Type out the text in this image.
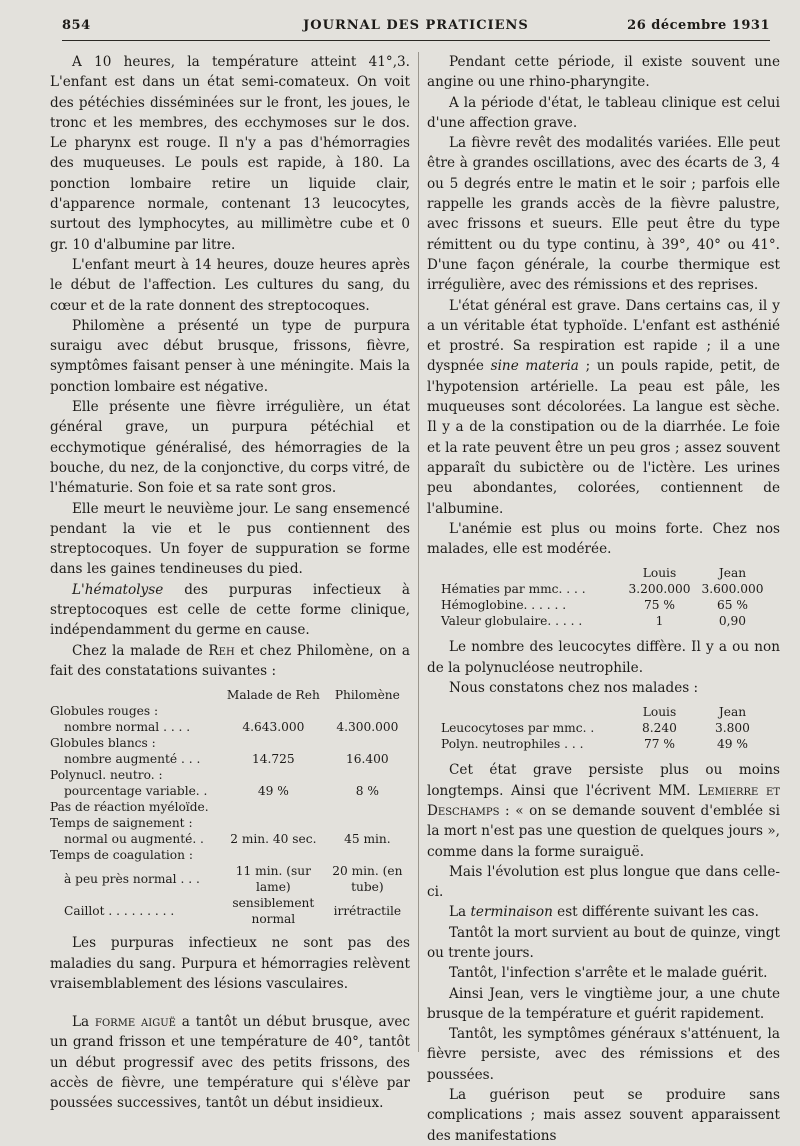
854	JOURNAL DES PRATICIENS	26 décembre 1931

A 10 heures, la température atteint 41°,3. L'enfant est dans un état semi-comateux. On voit des pétéchies disséminées sur le front, les joues, le tronc et les membres, des ecchymoses sur le dos. Le pharynx est rouge. Il n'y a pas d'hémorragies des muqueuses. Le pouls est rapide, à 180. La ponction lombaire retire un liquide clair, d'apparence normale, contenant 13 leucocytes, surtout des lymphocytes, au millimètre cube et 0 gr. 10 d'albumine par litre.

L'enfant meurt à 14 heures, douze heures après le début de l'affection. Les cultures du sang, du cœur et de la rate donnent des streptocoques.

Philomène a présenté un type de purpura suraigu avec début brusque, frissons, fièvre, symptômes faisant penser à une méningite. Mais la ponction lombaire est négative.

Elle présente une fièvre irrégulière, un état général grave, un purpura pétéchial et ecchymotique généralisé, des hémorragies de la bouche, du nez, de la conjonctive, du corps vitré, de l'hématurie. Son foie et sa rate sont gros.

Elle meurt le neuvième jour. Le sang ensemencé pendant la vie et le pus contiennent des streptocoques. Un foyer de suppuration se forme dans les gaines tendineuses du pied.

L'hématolyse des purpuras infectieux à streptocoques est celle de cette forme clinique, indépendamment du germe en cause.

Chez la malade de Reh et chez Philomène, on a fait des constatations suivantes :

	Malade de Reh	Philomène
Globules rouges :		
nombre normal . . . .	4.643.000	4.300.000
Globules blancs :		
nombre augmenté . . .	14.725	16.400
Polynucl. neutro. :		
pourcentage variable. .	49 %	8 %
Pas de réaction myéloïde.		
Temps de saignement :		
normal ou augmenté. .	2 min. 40 sec.	45 min.
Temps de coagulation :		
à peu près normal . . .	11 min. (sur lame)	20 min. (en tube)
Caillot . . . . . . . . .	sensiblement normal	irrétractile

Les purpuras infectieux ne sont pas des maladies du sang. Purpura et hémorragies relèvent vraisemblablement des lésions vasculaires.

La forme aiguë a tantôt un début brusque, avec un grand frisson et une température de 40°, tantôt un début progressif avec des petits frissons, des accès de fièvre, une température qui s'élève par poussées successives, tantôt un début insidieux.

Pendant cette période, il existe souvent une angine ou une rhino-pharyngite.

A la période d'état, le tableau clinique est celui d'une affection grave.

La fièvre revêt des modalités variées. Elle peut être à grandes oscillations, avec des écarts de 3, 4 ou 5 degrés entre le matin et le soir ; parfois elle rappelle les grands accès de la fièvre palustre, avec frissons et sueurs. Elle peut être du type rémittent ou du type continu, à 39°, 40° ou 41°. D'une façon générale, la courbe thermique est irrégulière, avec des rémissions et des reprises.

L'état général est grave. Dans certains cas, il y a un véritable état typhoïde. L'enfant est asthénié et prostré. Sa respiration est rapide ; il a une dyspnée sine materia ; un pouls rapide, petit, de l'hypotension artérielle. La peau est pâle, les muqueuses sont décolorées. La langue est sèche. Il y a de la constipation ou de la diarrhée. Le foie et la rate peuvent être un peu gros ; assez souvent apparaît du subictère ou de l'ictère. Les urines peu abondantes, colorées, contiennent de l'albumine.

L'anémie est plus ou moins forte. Chez nos malades, elle est modérée.

	Louis	Jean
Hématies par mmc. . . .	3.200.000	3.600.000
Hémoglobine. . . . . .	75 %	65 %
Valeur globulaire. . . . .	1	0,90

Le nombre des leucocytes diffère. Il y a ou non de la polynucléose neutrophile.

Nous constatons chez nos malades :

	Louis	Jean
Leucocytoses par mmc. .	8.240	3.800
Polyn. neutrophiles . . .	77 %	49 %

Cet état grave persiste plus ou moins longtemps. Ainsi que l'écrivent MM. Lemierre et Deschamps : « on se demande souvent d'emblée si la mort n'est pas une question de quelques jours », comme dans la forme suraiguë.

Mais l'évolution est plus longue que dans celle-ci.

La terminaison est différente suivant les cas.

Tantôt la mort survient au bout de quinze, vingt ou trente jours.

Tantôt, l'infection s'arrête et le malade guérit.

Ainsi Jean, vers le vingtième jour, a une chute brusque de la température et guérit rapidement.

Tantôt, les symptômes généraux s'atténuent, la fièvre persiste, avec des rémissions et des poussées.

La guérison peut se produire sans complications ; mais assez souvent apparaissent des manifestations
